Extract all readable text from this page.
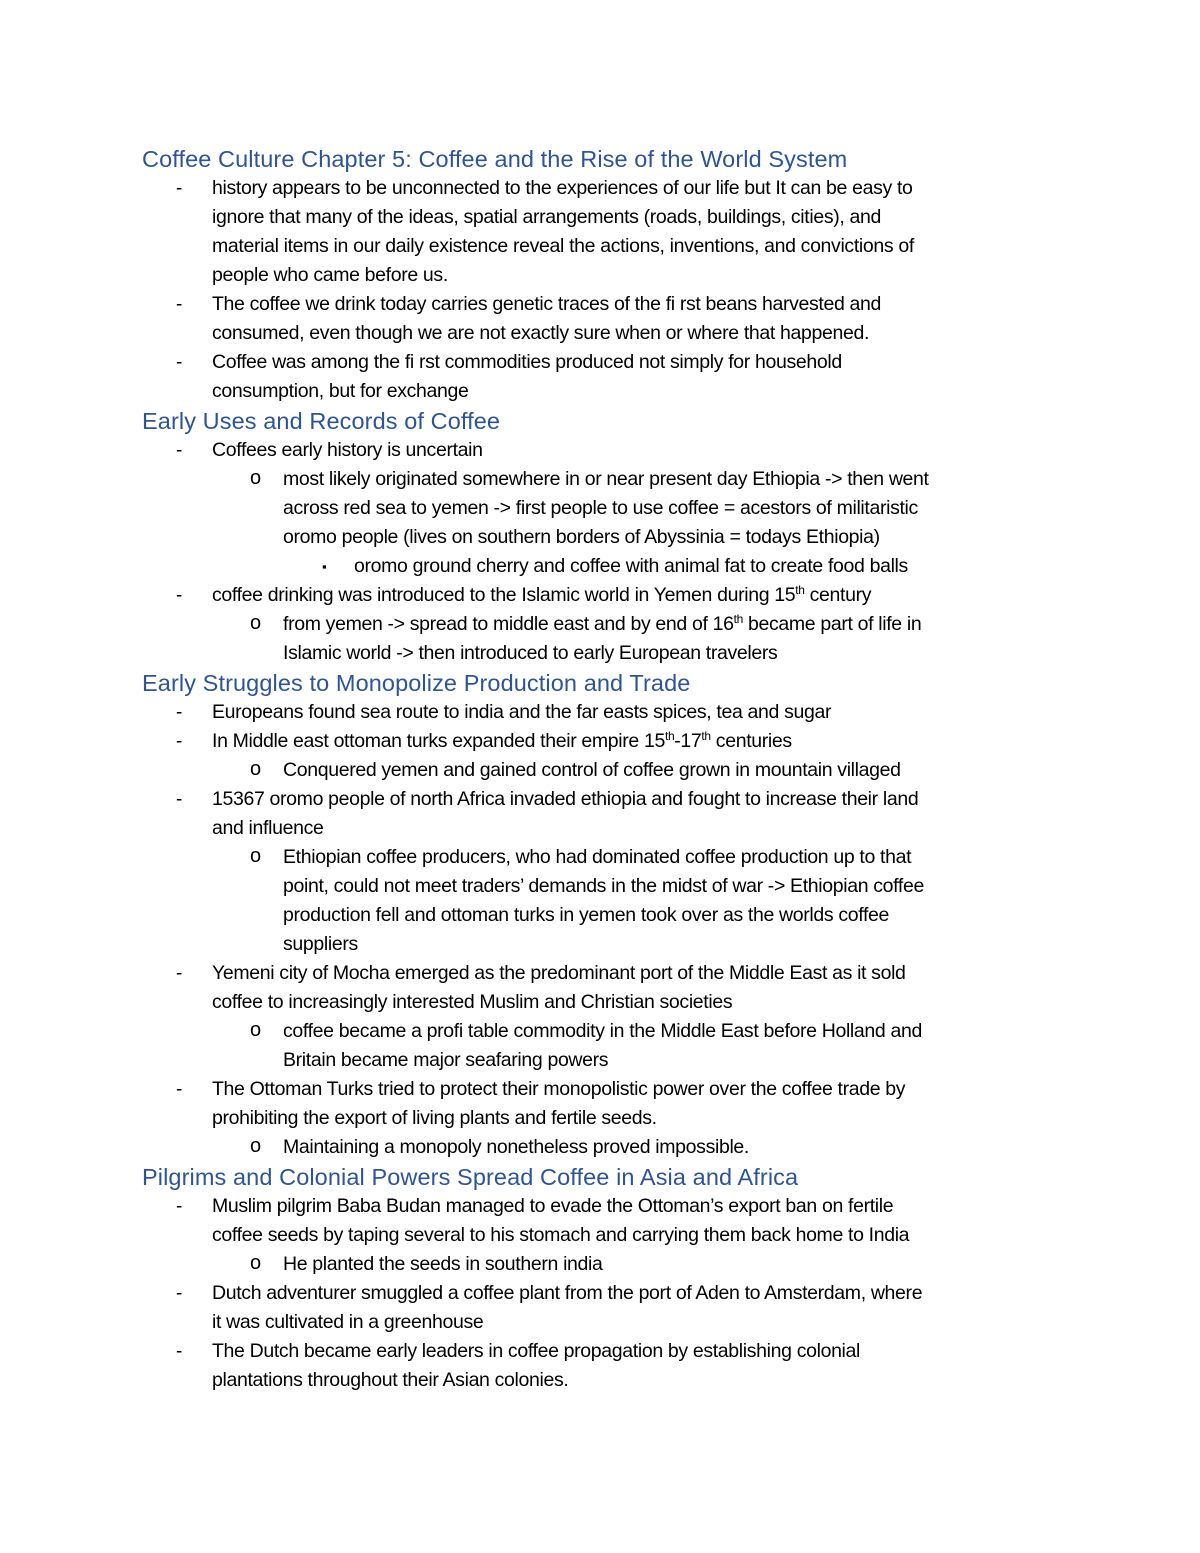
Coffee Culture Chapter 5: Coffee and the Rise of the World System
- history appears to be unconnected to the experiences of our life but It can be easy to
ignore that many of the ideas, spatial arrangements (roads, buildings, cities), and
material items in our daily existence reveal the actions, inventions, and convictions of
people who came before us.
- The coffee we drink today carries genetic traces of the fi rst beans harvested and
consumed, even though we are not exactly sure when or where that happened.
- Coffee was among the fi rst commodities produced not simply for household
consumption, but for exchange
Early Uses and Records of Coffee
- Coffees early history is uncertain
o most likely originated somewhere in or near present day Ethiopia -> then went
across red sea to yemen -> first people to use coffee = acestors of militaristic
oromo people (lives on southern borders of Abyssinia = todays Ethiopia)
▪ oromo ground cherry and coffee with animal fat to create food balls
- coffee drinking was introduced to the Islamic world in Yemen during 15th century
o from yemen -> spread to middle east and by end of 16th became part of life in
Islamic world -> then introduced to early European travelers
Early Struggles to Monopolize Production and Trade
- Europeans found sea route to india and the far easts spices, tea and sugar
- In Middle east ottoman turks expanded their empire 15th-17th centuries
o Conquered yemen and gained control of coffee grown in mountain villaged
- 15367 oromo people of north Africa invaded ethiopia and fought to increase their land
and influence
o Ethiopian coffee producers, who had dominated coffee production up to that
point, could not meet traders’ demands in the midst of war -> Ethiopian coffee
production fell and ottoman turks in yemen took over as the worlds coffee
suppliers
- Yemeni city of Mocha emerged as the predominant port of the Middle East as it sold
coffee to increasingly interested Muslim and Christian societies
o coffee became a profi table commodity in the Middle East before Holland and
Britain became major seafaring powers
- The Ottoman Turks tried to protect their monopolistic power over the coffee trade by
prohibiting the export of living plants and fertile seeds.
o Maintaining a monopoly nonetheless proved impossible.
Pilgrims and Colonial Powers Spread Coffee in Asia and Africa
- Muslim pilgrim Baba Budan managed to evade the Ottoman’s export ban on fertile
coffee seeds by taping several to his stomach and carrying them back home to India
o He planted the seeds in southern india
- Dutch adventurer smuggled a coffee plant from the port of Aden to Amsterdam, where
it was cultivated in a greenhouse
- The Dutch became early leaders in coffee propagation by establishing colonial
plantations throughout their Asian colonies.
